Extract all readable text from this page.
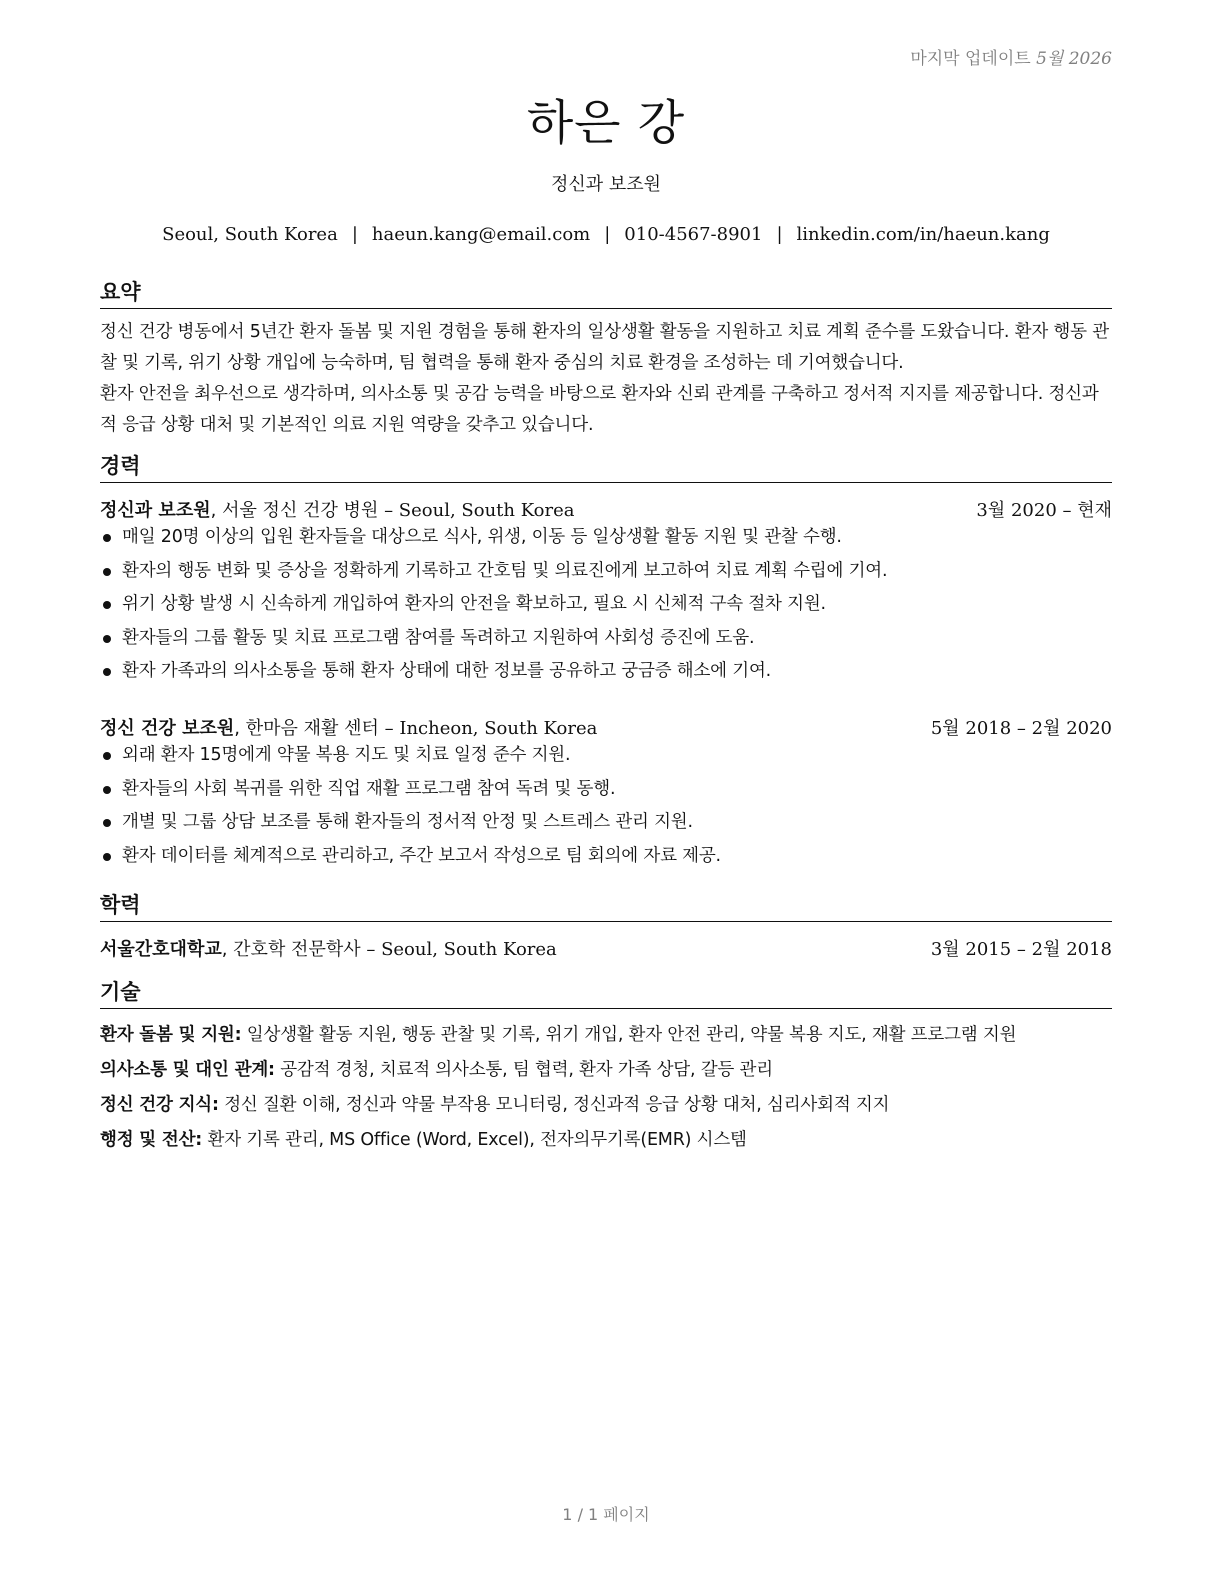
마지막 업데이트 5월 2026
하은 강
정신과 보조원
Seoul, South Korea | haeun.kang@email.com | 010-4567-8901 | linkedin.com/in/haeun.kang
요약
정신 건강 병동에서 5년간 환자 돌봄 및 지원 경험을 통해 환자의 일상생활 활동을 지원하고 치료 계획 준수를 도왔습니다. 환자 행동 관찰 및 기록, 위기 상황 개입에 능숙하며, 팀 협력을 통해 환자 중심의 치료 환경을 조성하는 데 기여했습니다.
환자 안전을 최우선으로 생각하며, 의사소통 및 공감 능력을 바탕으로 환자와 신뢰 관계를 구축하고 정서적 지지를 제공합니다. 정신과적 응급 상황 대처 및 기본적인 의료 지원 역량을 갖추고 있습니다.
경력
정신과 보조원, 서울 정신 건강 병원 – Seoul, South Korea	3월 2020 – 현재
매일 20명 이상의 입원 환자들을 대상으로 식사, 위생, 이동 등 일상생활 활동 지원 및 관찰 수행.
환자의 행동 변화 및 증상을 정확하게 기록하고 간호팀 및 의료진에게 보고하여 치료 계획 수립에 기여.
위기 상황 발생 시 신속하게 개입하여 환자의 안전을 확보하고, 필요 시 신체적 구속 절차 지원.
환자들의 그룹 활동 및 치료 프로그램 참여를 독려하고 지원하여 사회성 증진에 도움.
환자 가족과의 의사소통을 통해 환자 상태에 대한 정보를 공유하고 궁금증 해소에 기여.
정신 건강 보조원, 한마음 재활 센터 – Incheon, South Korea	5월 2018 – 2월 2020
외래 환자 15명에게 약물 복용 지도 및 치료 일정 준수 지원.
환자들의 사회 복귀를 위한 직업 재활 프로그램 참여 독려 및 동행.
개별 및 그룹 상담 보조를 통해 환자들의 정서적 안정 및 스트레스 관리 지원.
환자 데이터를 체계적으로 관리하고, 주간 보고서 작성으로 팀 회의에 자료 제공.
학력
서울간호대학교, 간호학 전문학사 – Seoul, South Korea	3월 2015 – 2월 2018
기술
환자 돌봄 및 지원: 일상생활 활동 지원, 행동 관찰 및 기록, 위기 개입, 환자 안전 관리, 약물 복용 지도, 재활 프로그램 지원
의사소통 및 대인 관계: 공감적 경청, 치료적 의사소통, 팀 협력, 환자 가족 상담, 갈등 관리
정신 건강 지식: 정신 질환 이해, 정신과 약물 부작용 모니터링, 정신과적 응급 상황 대처, 심리사회적 지지
행정 및 전산: 환자 기록 관리, MS Office (Word, Excel), 전자의무기록(EMR) 시스템
1 / 1 페이지
